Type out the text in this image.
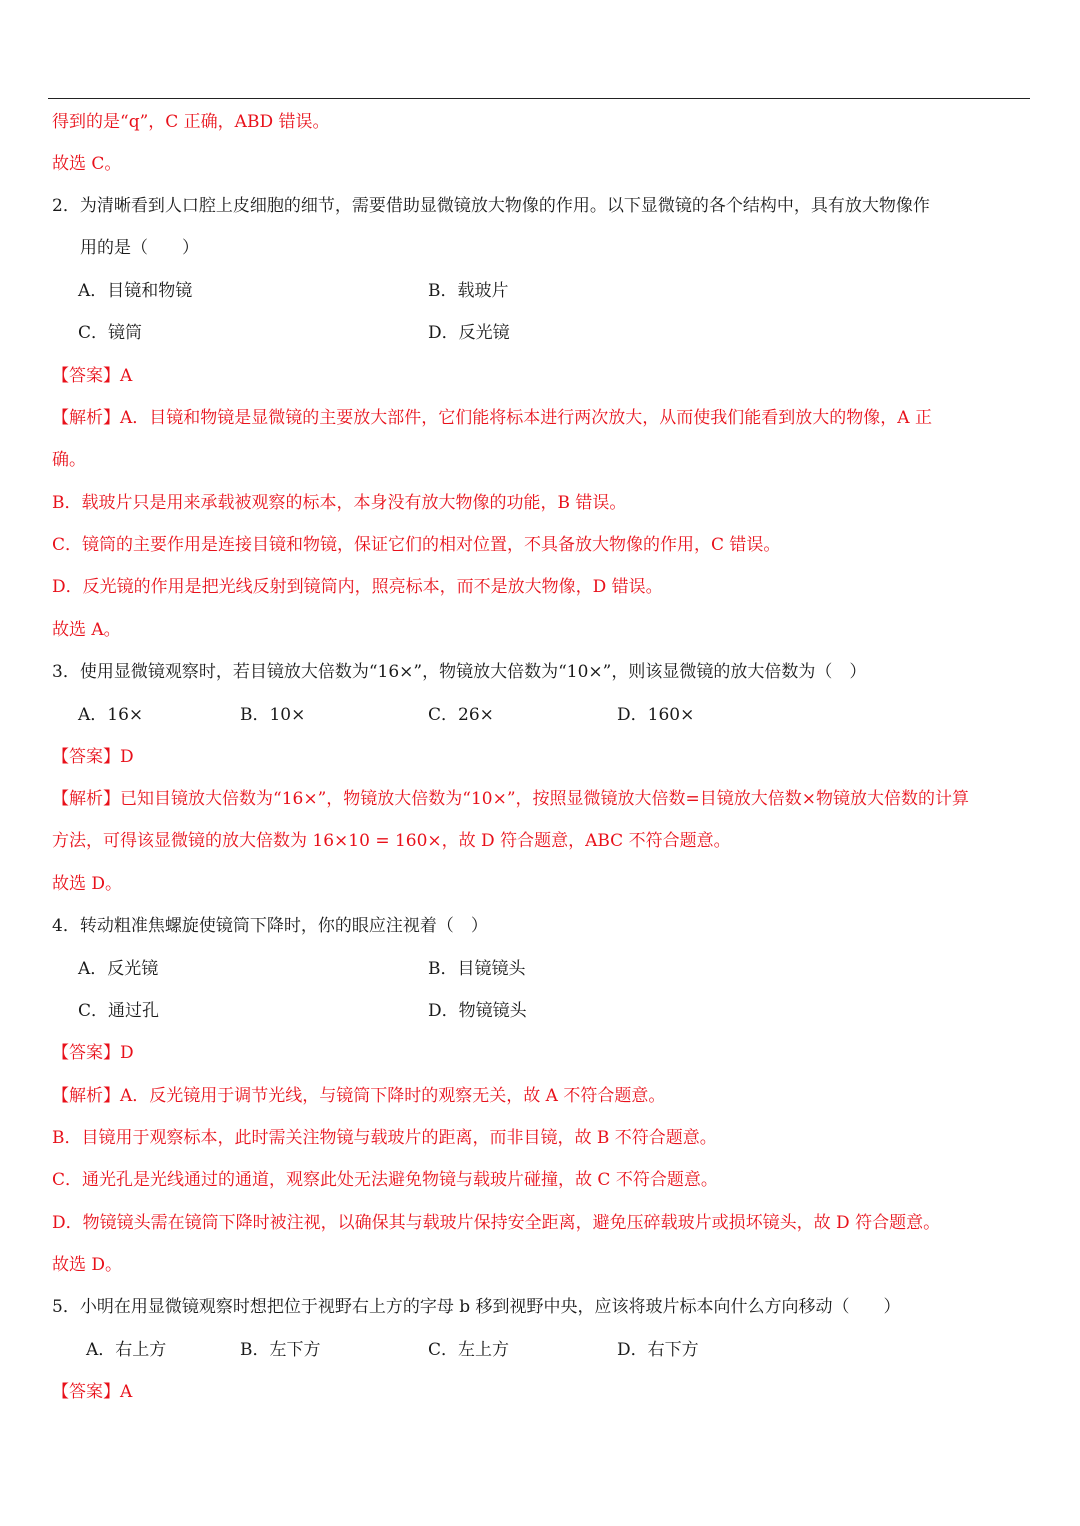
得到的是“q”，C 正确，ABD 错误。
故选 C。
2．为清晰看到人口腔上皮细胞的细节，需要借助显微镜放大物像的作用。以下显微镜的各个结构中，具有放大物像作
用的是（　　）
A．目镜和物镜	B．载玻片
C．镜筒	D．反光镜
【答案】A
【解析】A．目镜和物镜是显微镜的主要放大部件，它们能将标本进行两次放大，从而使我们能看到放大的物像，A 正
确。
B．载玻片只是用来承载被观察的标本，本身没有放大物像的功能，B 错误。
C．镜筒的主要作用是连接目镜和物镜，保证它们的相对位置，不具备放大物像的作用，C 错误。
D．反光镜的作用是把光线反射到镜筒内，照亮标本，而不是放大物像，D 错误。
故选 A。
3．使用显微镜观察时，若目镜放大倍数为“16×”，物镜放大倍数为“10×”，则该显微镜的放大倍数为（　）
A．16×	B．10×	C．26×	D．160×
【答案】D
【解析】已知目镜放大倍数为“16×”，物镜放大倍数为“10×”，按照显微镜放大倍数=目镜放大倍数×物镜放大倍数的计算
方法，可得该显微镜的放大倍数为 16×10 = 160×，故 D 符合题意，ABC 不符合题意。
故选 D。
4．转动粗准焦螺旋使镜筒下降时，你的眼应注视着（　）
A．反光镜	B．目镜镜头
C．通过孔	D．物镜镜头
【答案】D
【解析】A．反光镜用于调节光线，与镜筒下降时的观察无关，故 A 不符合题意。
B．目镜用于观察标本，此时需关注物镜与载玻片的距离，而非目镜，故 B 不符合题意。
C．通光孔是光线通过的通道，观察此处无法避免物镜与载玻片碰撞，故 C 不符合题意。
D．物镜镜头需在镜筒下降时被注视，以确保其与载玻片保持安全距离，避免压碎载玻片或损坏镜头，故 D 符合题意。
故选 D。
5．小明在用显微镜观察时想把位于视野右上方的字母 b 移到视野中央，应该将玻片标本向什么方向移动（　　）
A．右上方	B．左下方	C．左上方	D．右下方
【答案】A
